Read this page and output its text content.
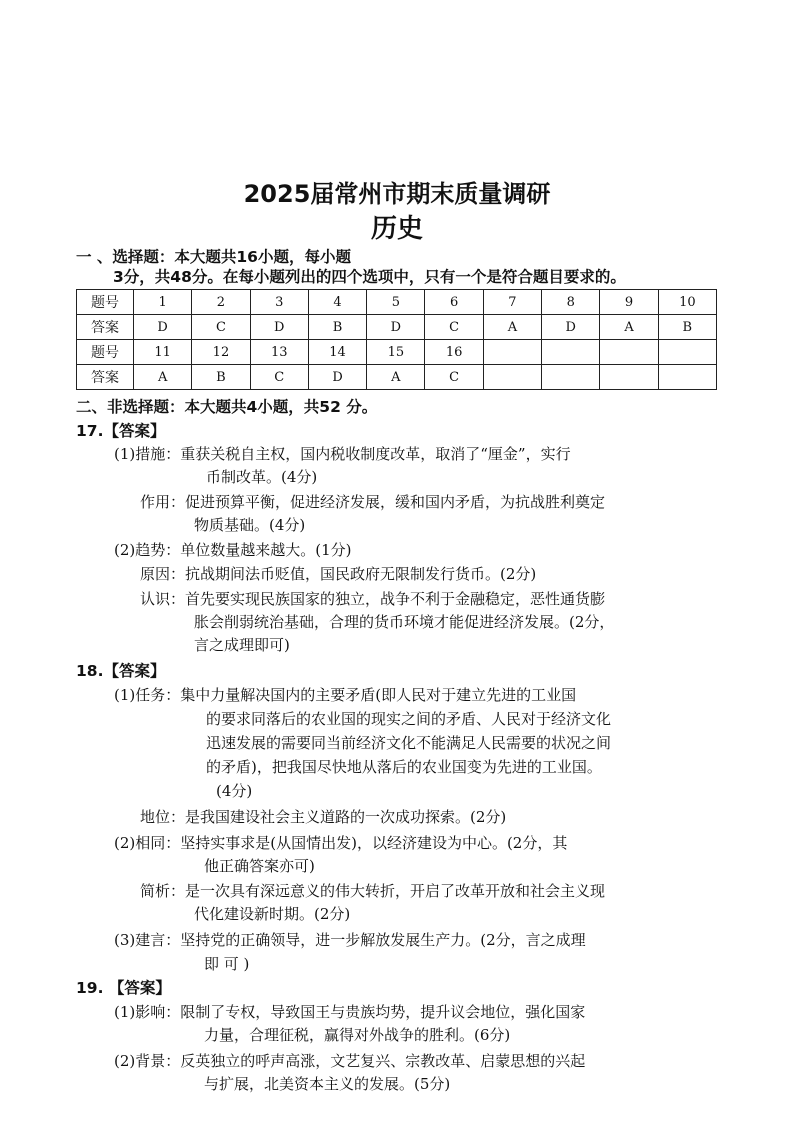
2025届常州市期末质量调研
历史
一 、选择题：本大题共16小题，每小题
3分，共48分。在每小题列出的四个选项中，只有一个是符合题目要求的。
题号	1	2	3	4	5	6	7	8	9	10
答案	D	C	D	B	D	C	A	D	A	B
题号	11	12	13	14	15	16				
答案	A	B	C	D	A	C				
二、非选择题：本大题共4小题，共52 分。
17.【答案】
(1)措施：重获关税自主权，国内税收制度改革，取消了“厘金”，实行
币制改革。(4分)
作用：促进预算平衡，促进经济发展，缓和国内矛盾，为抗战胜利奠定
物质基础。(4分)
(2)趋势：单位数量越来越大。(1分)
原因：抗战期间法币贬值，国民政府无限制发行货币。(2分)
认识：首先要实现民族国家的独立，战争不利于金融稳定，恶性通货膨
胀会削弱统治基础，合理的货币环境才能促进经济发展。(2分，
言之成理即可)
18.【答案】
(1)任务：集中力量解决国内的主要矛盾(即人民对于建立先进的工业国
的要求同落后的农业国的现实之间的矛盾、人民对于经济文化
迅速发展的需要同当前经济文化不能满足人民需要的状况之间
的矛盾)，把我国尽快地从落后的农业国变为先进的工业国。
(4分)
地位：是我国建设社会主义道路的一次成功探索。(2分)
(2)相同：坚持实事求是(从国情出发)，以经济建设为中心。(2分，其
他正确答案亦可)
简析：是一次具有深远意义的伟大转折，开启了改革开放和社会主义现
代化建设新时期。(2分)
(3)建言：坚持党的正确领导，进一步解放发展生产力。(2分，言之成理
即 可 )
19. 【答案】
(1)影响：限制了专权，导致国王与贵族均势，提升议会地位，强化国家
力量，合理征税，赢得对外战争的胜利。(6分)
(2)背景：反英独立的呼声高涨，文艺复兴、宗教改革、启蒙思想的兴起
与扩展，北美资本主义的发展。(5分)
